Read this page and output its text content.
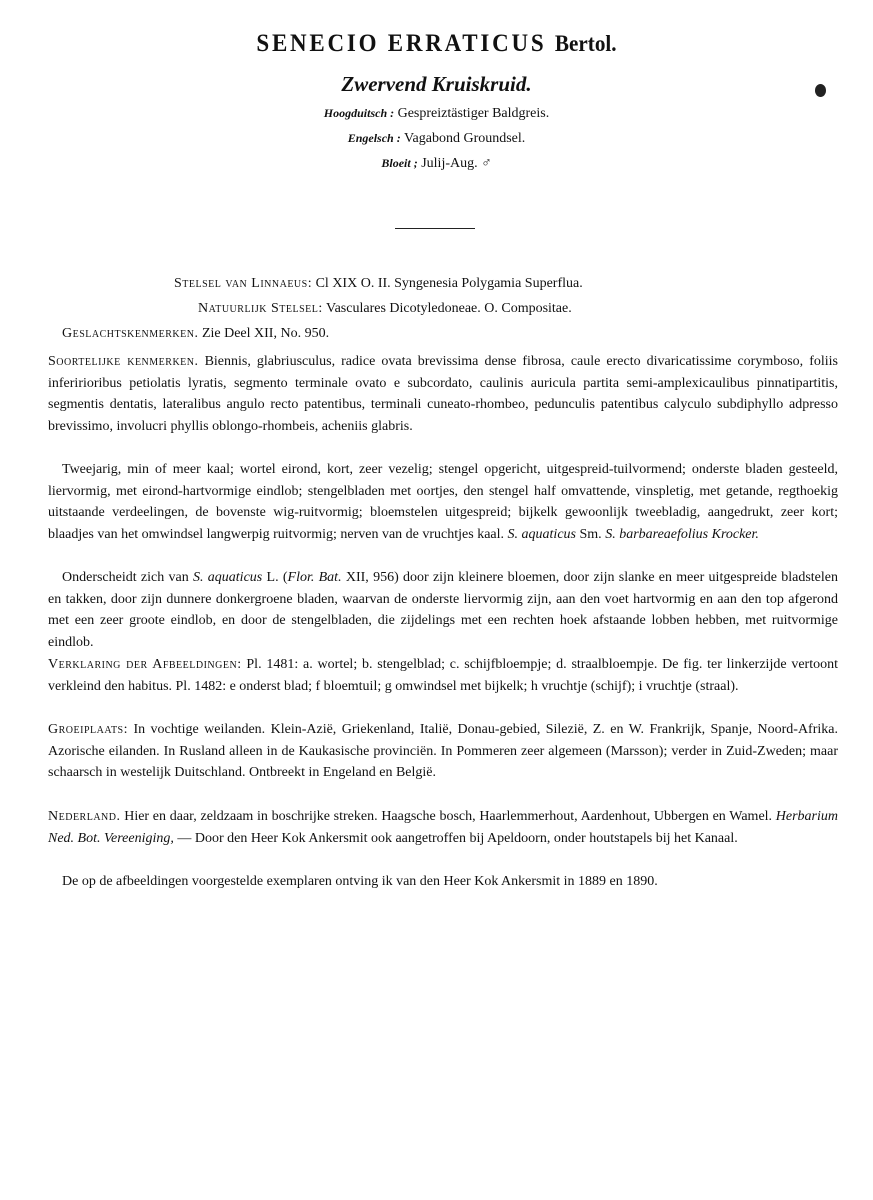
SENECIO ERRATICUS Bertol.
Zwervend Kruiskruid.
Hoogduitsch : Gespreiztästiger Baldgreis.
Engelsch : Vagabond Groundsel.
Bloeit ; Julij-Aug. ♂
Stelsel van Linnaeus: Cl XIX O. II. Syngenesia Polygamia Superflua.
Natuurlijk Stelsel: Vasculares Dicotyledoneae. O. Compositae.
Geslachtskenmerken. Zie Deel XII, No. 950.
Soortelijke kenmerken. Biennis, glabriusculus, radice ovata brevissima dense fibrosa, caule erecto divaricatissime corymboso, foliis inferirioribus petiolatis lyratis, segmento terminale ovato e subcordato, caulinis auricula partita semi-amplexicaulibus pinnatipartitis, segmentis dentatis, lateralibus angulo recto patentibus, terminali cuneato-rhombeo, pedunculis patentibus calyculo subdiphyllo adpresso brevissimo, involucri phyllis oblongo-rhombeis, acheniis glabris.
Tweejarig, min of meer kaal; wortel eirond, kort, zeer vezelig; stengel opgericht, uitgespreid-tuilvormend; onderste bladen gesteeld, liervormig, met eirond-hartvormige eindlob; stengelbladen met oortjes, den stengel half omvattende, vinspletig, met getande, regthoekig uitstaande verdeelingen, de bovenste wig-ruitvormig; bloemstelen uitgespreid; bijkelk gewoonlijk tweebladig, aangedrukt, zeer kort; blaadjes van het omwindsel langwerpig ruitvormig; nerven van de vruchtjes kaal. S. aquaticus Sm. S. barbareaefolius Krocker.
Onderscheidt zich van S. aquaticus L. (Flor. Bat. XII, 956) door zijn kleinere bloemen, door zijn slanke en meer uitgespreide bladstelen en takken, door zijn dunnere donkergroene bladen, waarvan de onderste liervormig zijn, aan den voet hartvormig en aan den top afgerond met een zeer groote eindlob, en door de stengelbladen, die zijdelings met een rechten hoek afstaande lobben hebben, met ruitvormige eindlob.
Verklaring der Afbeeldingen: Pl. 1481: a. wortel; b. stengelblad; c. schijfbloempje; d. straalbloempje. De fig. ter linkerzijde vertoont verkleind den habitus. Pl. 1482: e onderst blad; f bloemtuil; g omwindsel met bijkelk; h vruchtje (schijf); i vruchtje (straal).
Groeiplaats: In vochtige weilanden. Klein-Azië, Griekenland, Italië, Donau-gebied, Silezië, Z. en W. Frankrijk, Spanje, Noord-Afrika. Azorische eilanden. In Rusland alleen in de Kaukasische provinciën. In Pommeren zeer algemeen (Marsson); verder in Zuid-Zweden; maar schaarsch in westelijk Duitschland. Ontbreekt in Engeland en België.
Nederland. Hier en daar, zeldzaam in boschrijke streken. Haagsche bosch, Haarlemmerhout, Aardenhout, Ubbergen en Wamel. Herbarium Ned. Bot. Vereeniging, — Door den Heer Kok Ankersmit ook aangetroffen bij Apeldoorn, onder houtstapels bij het Kanaal.
De op de afbeeldingen voorgestelde exemplaren ontving ik van den Heer Kok Ankersmit in 1889 en 1890.
